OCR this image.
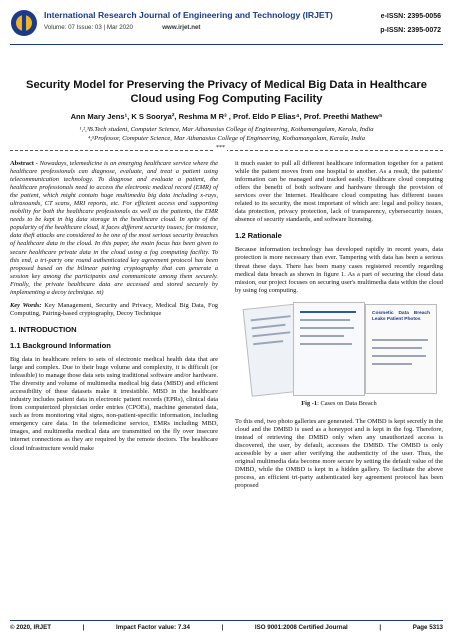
International Research Journal of Engineering and Technology (IRJET)
Volume: 07 Issue: 03 | Mar 2020	www.irjet.net
e-ISSN: 2395-0056
p-ISSN: 2395-0072
Security Model for Preserving the Privacy of Medical Big Data in Healthcare Cloud using Fog Computing Facility
Ann Mary Jens¹, K S Soorya², Reshma M R³ , Prof. Eldo P Elias⁴, Prof. Preethi Mathew⁵
¹,²,³B.Tech student, Computer Science, Mar Athanasius College of Engineering, Kothamangalam, Kerala, India
⁴,⁵Professor, Computer Science, Mar Athanasius College of Engineering, Kothamangalam, Kerala, India
***

Abstract - Nowadays, telemedicine is an emerging healthcare service where the healthcare professionals can diagnose, evaluate, and treat a patient using telecommunication technology. To diagnose and evaluate a patient, the healthcare professionals need to access the electronic medical record (EMR) of the patient, which might contain huge multimedia big data including x-rays, ultrasounds, CT scans, MRI reports, etc. For efficient access and supporting mobility for both the healthcare professionals as well as the patients, the EMR needs to be kept in big data storage in the healthcare cloud. In spite of the popularity of the healthcare cloud, it faces different security issues; for instance, data theft attacks are considered to be one of the most serious security breaches of healthcare data in the cloud. In this paper, the main focus has been given to secure healthcare private data in the cloud using a fog computing facility. To this end, a tri-party one round authenticated key agreement protocol has been proposed based on the bilinear pairing cryptography that can generate a session key among the participants and communicate among them securely. Finally, the private healthcare data are accessed and stored securely by implementing a decoy technique. nt)

Key Words: Key Management, Security and Privacy, Medical Big Data, Fog Computing, Pairing-based cryptography, Decoy Technique

1. INTRODUCTION
1.1 Background Information

Big data in healthcare refers to sets of electronic medical health data that are large and complex. Due to their huge volume and complexity, it is difficult (or infeasible) to manage those data sets using traditional software and/or hardware. The diversity and volume of multimedia medical big data (MBD) and efficient accessibility of these datasets make it irresistible. MBD in the healthcare industry includes patient data in electronic patient records (EPRs), clinical data from computerized physician order entries (CPOEs), machine generated data, such as from monitoring vital signs, non-patient-specific information, including emergency care data. In the telemedicine service, EMRs including MBD, images, and multimedia medical data are transmitted on the fly over insecure internet connections as they are required by the remote doctors. The healthcare cloud infrastructure would make

it much easier to pull all different healthcare information together for a patient while the patient moves from one hospital to another. As a result, the patients' information can be managed and tracked easily. Healthcare cloud computing offers the benefit of both software and hardware through the provision of services over the Internet. Healthcare cloud computing has different issues related to its security, the most important of which are: legal and policy issues, data protection, privacy protection, lack of transparency, cybersecurity issues, absence of security standards, and software licensing.

1.2 Rationale

Because information technology has developed rapidly in recent years, data protection is more necessary than ever. Tampering with data has been a serious threat these days. There has been many cases registered recently regarding medical data breach as shown in figure 1. As a part of securing the cloud data mission, our project focuses on securing user's multimedia data within the cloud by using fog computing.

Cosmetic Data Breach Leaks Patient Photos
Fig -1: Cases on Data Breach

To this end, two photo galleries are generated. The OMBD is kept secretly in the cloud and the DMBD is used as a honeypot and is kept in the fog. Therefore, instead of retrieving the DMBD only when any unauthorized access is discovered, the user, by default, accesses the DMBD. The OMBD is only accessible by a user after verifying the authenticity of the user. Thus, the original multimedia data become more secure by setting the default value of the DMBD, while the OMBD is kept in a hidden gallery. To facilitate the above process, an efficient tri-party authenticated key agreement protocol has been proposed

© 2020, IRJET	|	Impact Factor value: 7.34	|	ISO 9001:2008 Certified Journal	|	Page 5313
